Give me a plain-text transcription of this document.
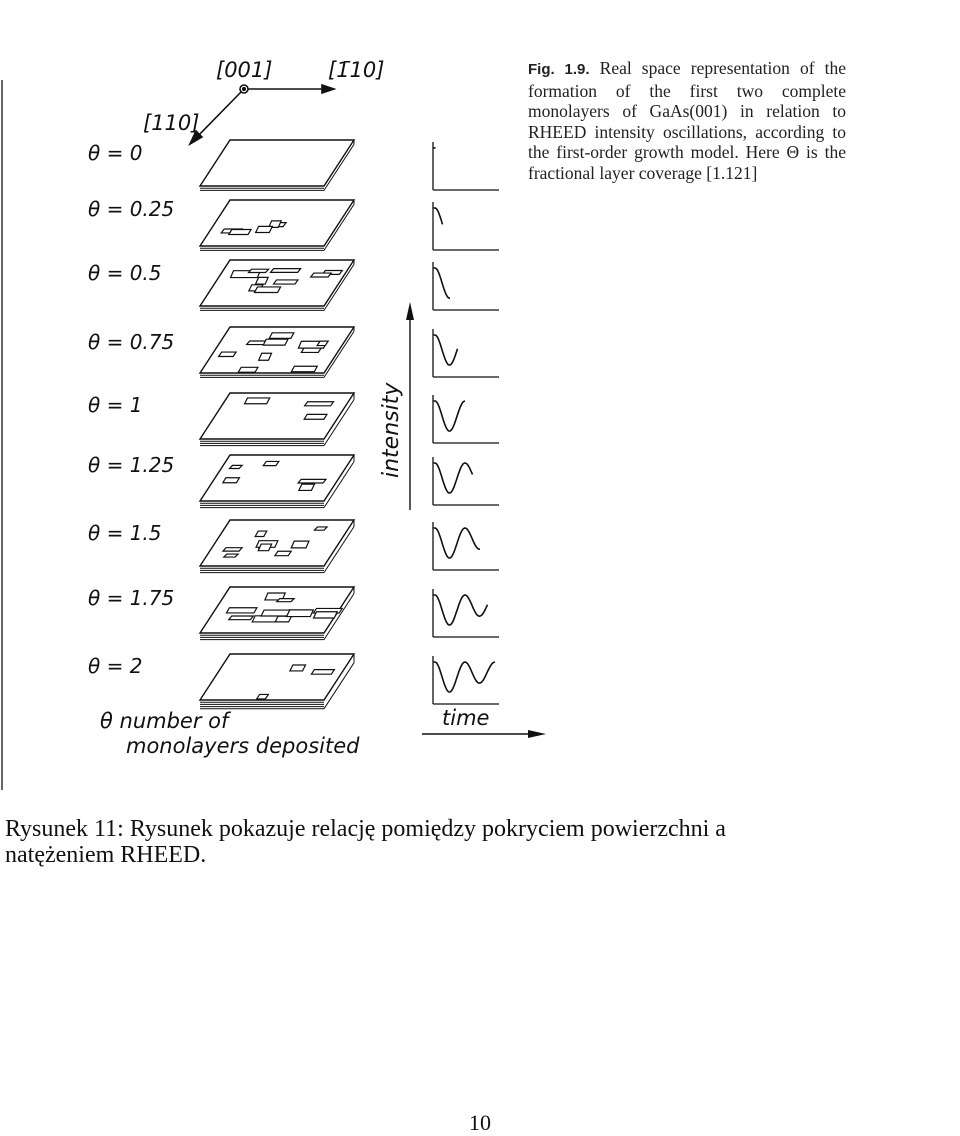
[001]	[1̄10]
[110]
θ = 0
θ = 0.25
θ = 0.5
θ = 0.75
θ = 1
θ = 1.25
θ = 1.5
θ = 1.75
θ = 2
intensity
time
θ number of
monolayers deposited
Fig. 1.9. Real space representation of the formation of the first two complete monolayers of GaAs(001) in relation to RHEED intensity oscillations, according to the first-order growth model. Here Θ is the fractional layer coverage [1.121]
Rysunek 11: Rysunek pokazuje relację pomiędzy pokryciem powierzchni a natężeniem RHEED.
10
